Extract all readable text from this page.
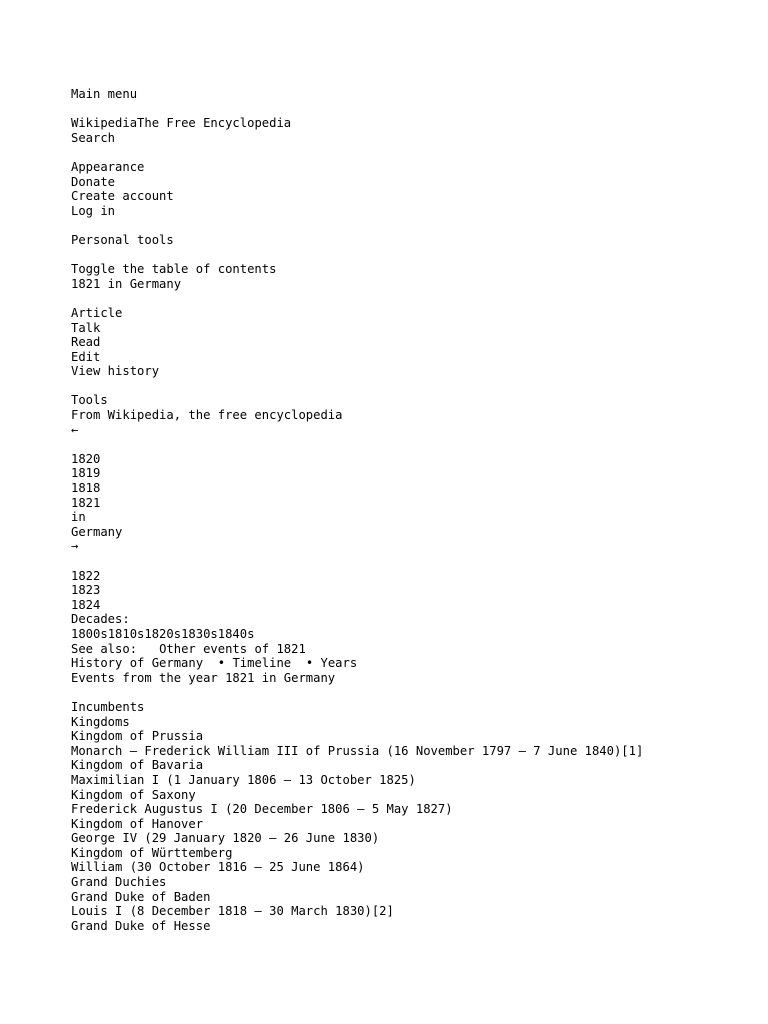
Main menu
WikipediaThe Free Encyclopedia
Search
Appearance
Donate
Create account
Log in
Personal tools
Toggle the table of contents
1821 in Germany
Article
Talk
Read
Edit
View history
Tools
From Wikipedia, the free encyclopedia
←
1820
1819
1818
1821
in
Germany
→
1822
1823
1824
Decades:
1800s1810s1820s1830s1840s
See also: Other events of 1821
History of Germany  • Timeline  • Years
Events from the year 1821 in Germany
Incumbents
Kingdoms
Kingdom of Prussia
Monarch – Frederick William III of Prussia (16 November 1797 – 7 June 1840)[1]
Kingdom of Bavaria
Maximilian I (1 January 1806 – 13 October 1825)
Kingdom of Saxony
Frederick Augustus I (20 December 1806 – 5 May 1827)
Kingdom of Hanover
George IV (29 January 1820 – 26 June 1830)
Kingdom of Württemberg
William (30 October 1816 – 25 June 1864)
Grand Duchies
Grand Duke of Baden
Louis I (8 December 1818 – 30 March 1830)[2]
Grand Duke of Hesse
